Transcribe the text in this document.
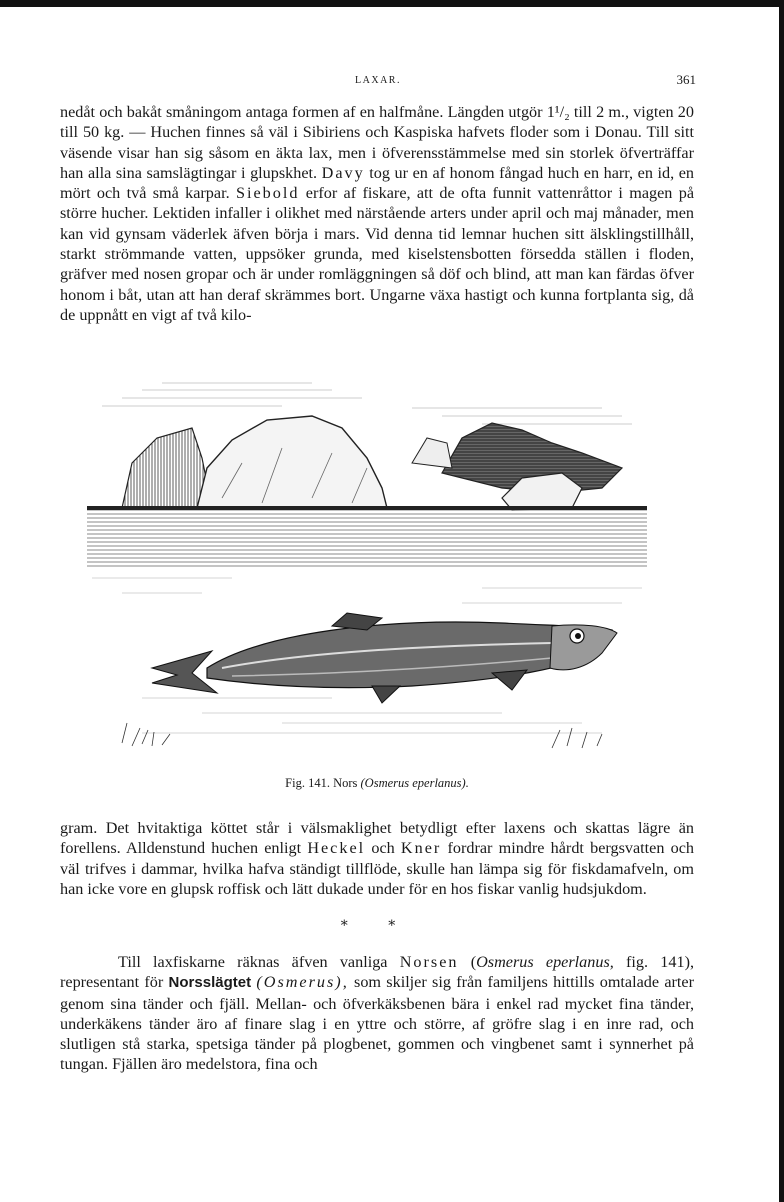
LAXAR.	361

nedåt och bakåt småningom antaga formen af en halfmåne. Längden utgör 1¹/₂ till 2 m., vigten 20 till 50 kg. — Huchen finnes så väl i Sibiriens och Kaspiska hafvets floder som i Donau. Till sitt väsende visar han sig såsom en äkta lax, men i öfverensstämmelse med sin storlek öfverträffar han alla sina samslägtingar i glupskhet. Davy tog ur en af honom fångad huch en harr, en id, en mört och två små karpar. Siebold erfor af fiskare, att de ofta funnit vattenråttor i magen på större hucher. Lektiden infaller i olikhet med närstående arters under april och maj månader, men kan vid gynsam väderlek äfven börja i mars. Vid denna tid lemnar huchen sitt älsklingstillhåll, starkt strömmande vatten, uppsöker grunda, med kiselstensbotten försedda ställen i floden, gräfver med nosen gropar och är under romläggningen så döf och blind, att man kan färdas öfver honom i båt, utan att han deraf skrämmes bort. Ungarne växa hastigt och kunna fortplanta sig, då de uppnått en vigt af två kilo-

Fig. 141. Nors (Osmerus eperlanus).

gram. Det hvitaktiga köttet står i välsmaklighet betydligt efter laxens och skattas lägre än forellens. Alldenstund huchen enligt Heckel och Kner fordrar mindre hårdt bergsvatten och väl trifves i dammar, hvilka hafva ständigt tillflöde, skulle han lämpa sig för fiskdamafveln, om han icke vore en glupsk roffisk och lätt dukade under för en hos fiskar vanlig hudsjukdom.

* *

Till laxfiskarne räknas äfven vanliga Norsen (Osmerus eperlanus, fig. 141), representant för Norsslägtet (Osmerus), som skiljer sig från familjens hittills omtalade arter genom sina tänder och fjäll. Mellan- och öfverkäksbenen bära i enkel rad mycket fina tänder, underkäkens tänder äro af finare slag i en yttre och större, af gröfre slag i en inre rad, och slutligen stå starka, spetsiga tänder på plogbenet, gommen och vingbenet samt i synnerhet på tungan. Fjällen äro medelstora, fina och
